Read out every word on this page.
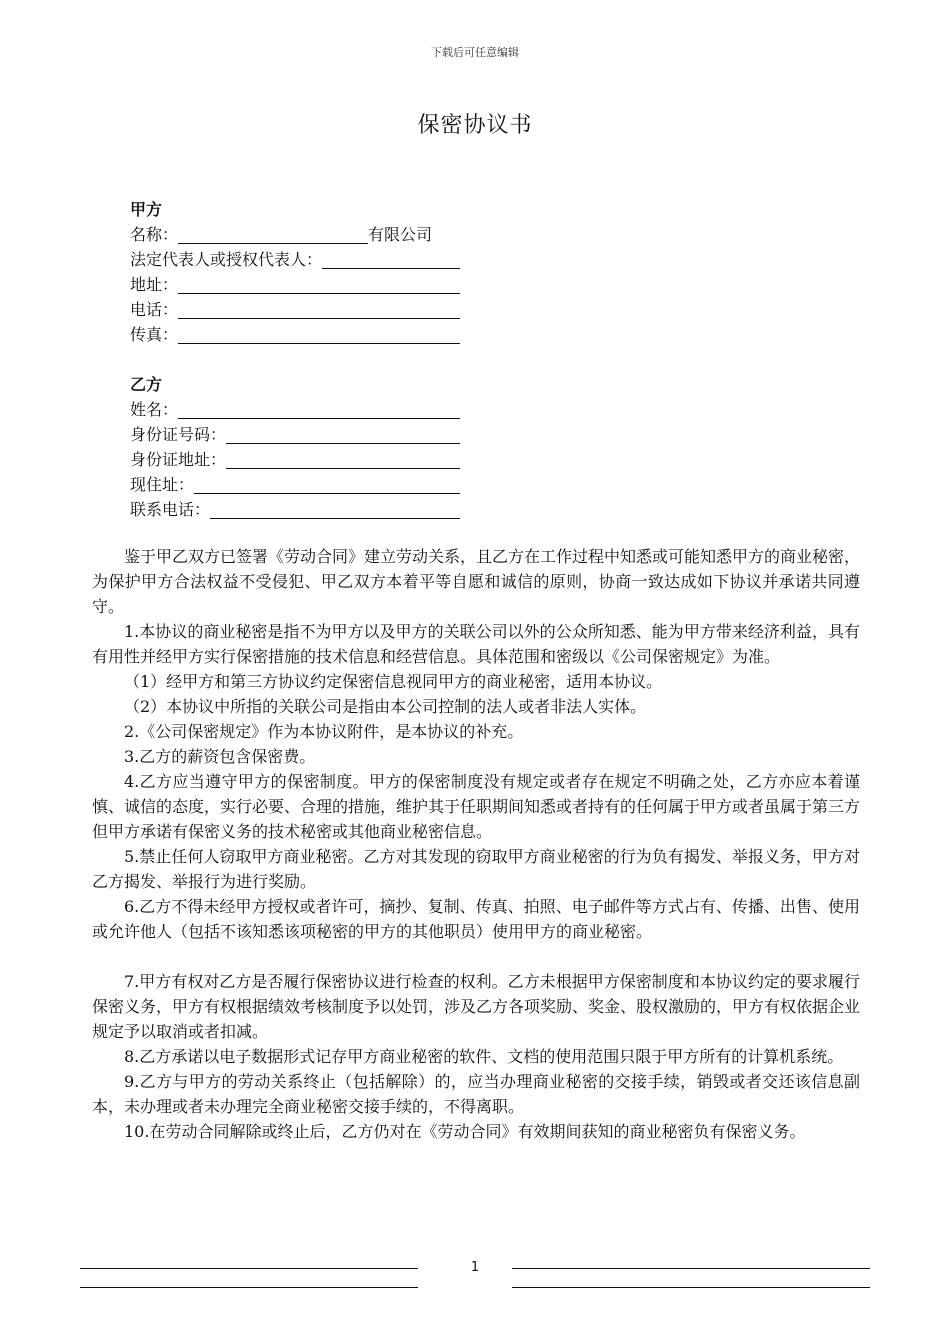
下载后可任意编辑
保密协议书
甲方
名称：	有限公司
法定代表人或授权代表人：
地址：
电话：
传真：
乙方
姓名：
身份证号码：
身份证地址：
现住址：
联系电话：

鉴于甲乙双方已签署《劳动合同》建立劳动关系，且乙方在工作过程中知悉或可能知悉甲方的商业秘密，为保护甲方合法权益不受侵犯、甲乙双方本着平等自愿和诚信的原则，协商一致达成如下协议并承诺共同遵守。

1.本协议的商业秘密是指不为甲方以及甲方的关联公司以外的公众所知悉、能为甲方带来经济利益，具有有用性并经甲方实行保密措施的技术信息和经营信息。具体范围和密级以《公司保密规定》为准。

（1）经甲方和第三方协议约定保密信息视同甲方的商业秘密，适用本协议。

（2）本协议中所指的关联公司是指由本公司控制的法人或者非法人实体。

2.《公司保密规定》作为本协议附件，是本协议的补充。

3.乙方的薪资包含保密费。

4.乙方应当遵守甲方的保密制度。甲方的保密制度没有规定或者存在规定不明确之处，乙方亦应本着谨慎、诚信的态度，实行必要、合理的措施，维护其于任职期间知悉或者持有的任何属于甲方或者虽属于第三方但甲方承诺有保密义务的技术秘密或其他商业秘密信息。

5.禁止任何人窃取甲方商业秘密。乙方对其发现的窃取甲方商业秘密的行为负有揭发、举报义务，甲方对乙方揭发、举报行为进行奖励。

6.乙方不得未经甲方授权或者许可，摘抄、复制、传真、拍照、电子邮件等方式占有、传播、出售、使用或允许他人（包括不该知悉该项秘密的甲方的其他职员）使用甲方的商业秘密。

7.甲方有权对乙方是否履行保密协议进行检查的权利。乙方未根据甲方保密制度和本协议约定的要求履行保密义务，甲方有权根据绩效考核制度予以处罚，涉及乙方各项奖励、奖金、股权激励的，甲方有权依据企业规定予以取消或者扣减。

8.乙方承诺以电子数据形式记存甲方商业秘密的软件、文档的使用范围只限于甲方所有的计算机系统。

9.乙方与甲方的劳动关系终止（包括解除）的，应当办理商业秘密的交接手续，销毁或者交还该信息副本，未办理或者未办理完全商业秘密交接手续的，不得离职。

10.在劳动合同解除或终止后，乙方仍对在《劳动合同》有效期间获知的商业秘密负有保密义务。

1
